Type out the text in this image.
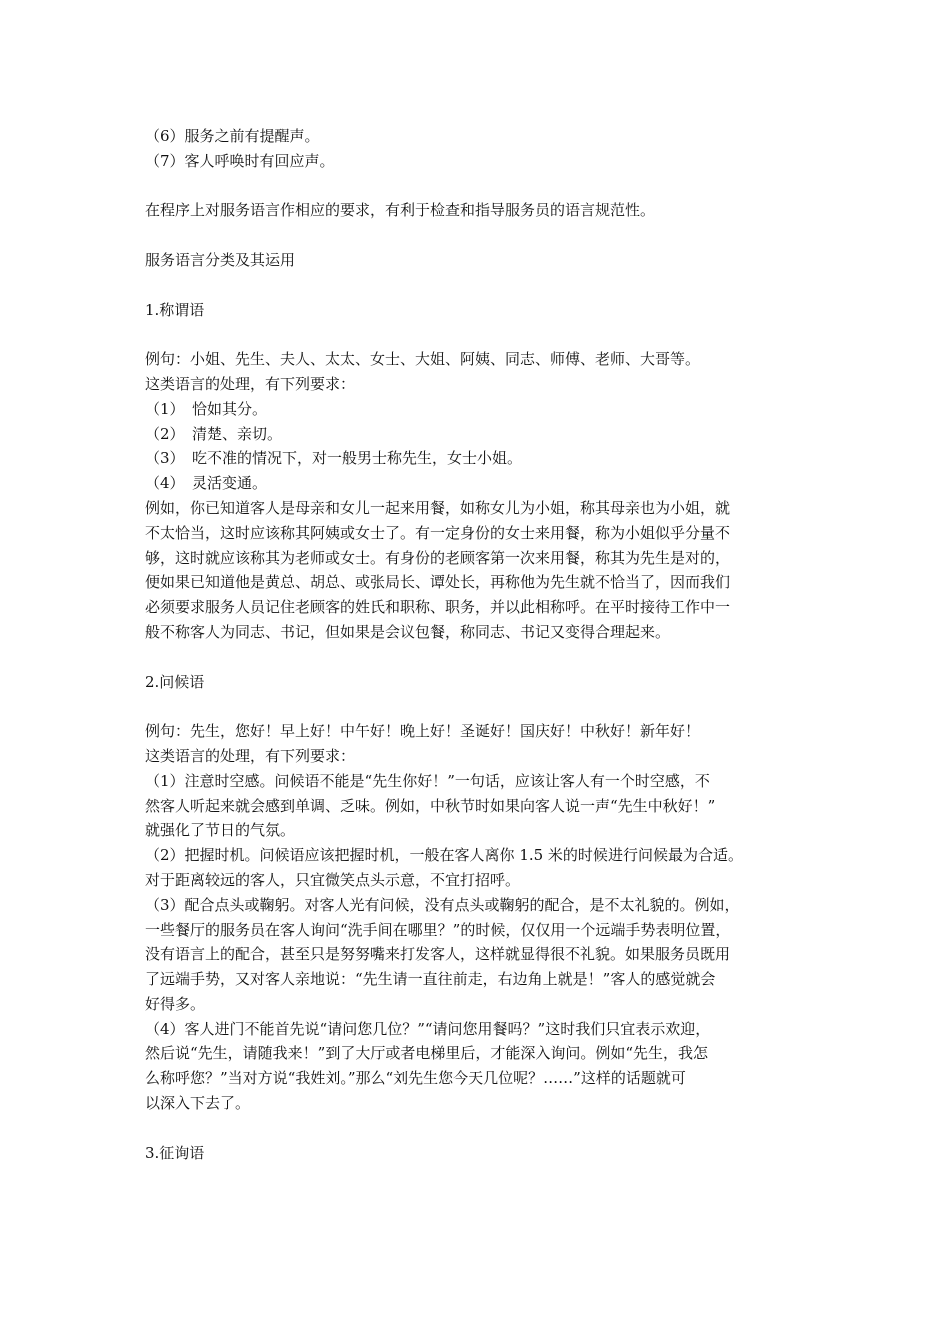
（6）服务之前有提醒声。
（7）客人呼唤时有回应声。
在程序上对服务语言作相应的要求，有利于检查和指导服务员的语言规范性。
服务语言分类及其运用
1.称谓语
例句：小姐、先生、夫人、太太、女士、大姐、阿姨、同志、师傅、老师、大哥等。
这类语言的处理，有下列要求：
（1）　恰如其分。
（2）　清楚、亲切。
（3）　吃不准的情况下，对一般男士称先生，女士小姐。
（4）　灵活变通。
例如，你已知道客人是母亲和女儿一起来用餐，如称女儿为小姐，称其母亲也为小姐，就
不太恰当，这时应该称其阿姨或女士了。有一定身份的女士来用餐，称为小姐似乎分量不
够，这时就应该称其为老师或女士。有身份的老顾客第一次来用餐，称其为先生是对的，
便如果已知道他是黄总、胡总、或张局长、谭处长，再称他为先生就不恰当了，因而我们
必须要求服务人员记住老顾客的姓氏和职称、职务，并以此相称呼。在平时接待工作中一
般不称客人为同志、书记，但如果是会议包餐，称同志、书记又变得合理起来。
2.问候语
例句：先生，您好！早上好！中午好！晚上好！圣诞好！国庆好！中秋好！新年好！
这类语言的处理，有下列要求：
（1）注意时空感。问候语不能是“先生你好！”一句话，应该让客人有一个时空感，不
然客人听起来就会感到单调、乏味。例如，中秋节时如果向客人说一声“先生中秋好！”
就强化了节日的气氛。
（2）把握时机。问候语应该把握时机，一般在客人离你 1.5 米的时候进行问候最为合适。
对于距离较远的客人，只宜微笑点头示意，不宜打招呼。
（3）配合点头或鞠躬。对客人光有问候，没有点头或鞠躬的配合，是不太礼貌的。例如，
一些餐厅的服务员在客人询问“洗手间在哪里？”的时候，仅仅用一个远端手势表明位置，
没有语言上的配合，甚至只是努努嘴来打发客人，这样就显得很不礼貌。如果服务员既用
了远端手势，又对客人亲地说：“先生请一直往前走，右边角上就是！”客人的感觉就会
好得多。
（4）客人进门不能首先说“请问您几位？”“请问您用餐吗？”这时我们只宜表示欢迎，
然后说“先生，请随我来！”到了大厅或者电梯里后，才能深入询问。例如“先生，我怎
么称呼您？”当对方说“我姓刘。”那么“刘先生您今天几位呢？……”这样的话题就可
以深入下去了。
3.征询语
